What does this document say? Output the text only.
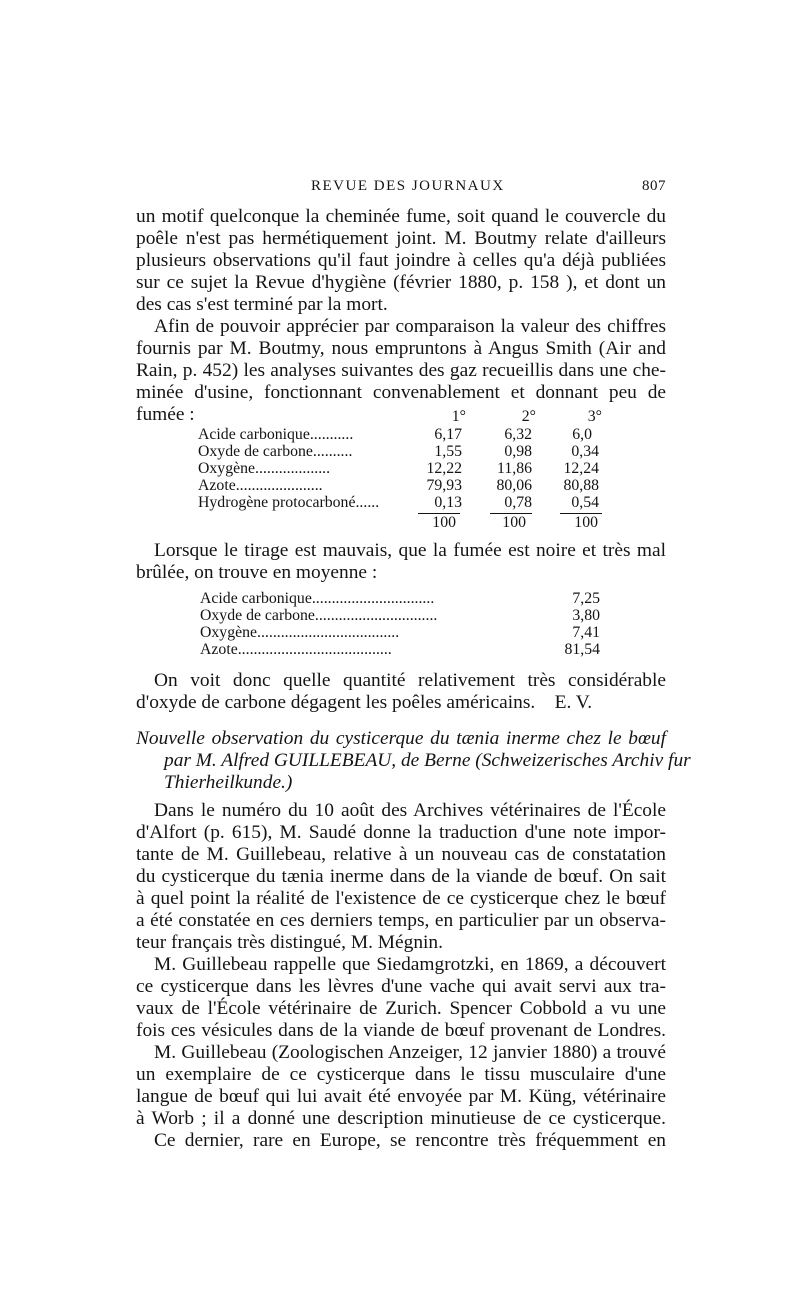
REVUE DES JOURNAUX	807
un motif quelconque la cheminée fume, soit quand le couvercle du
poêle n'est pas hermétiquement joint. M. Boutmy relate d'ailleurs
plusieurs observations qu'il faut joindre à celles qu'a déjà publiées
sur ce sujet la Revue d'hygiène (février 1880, p. 158 ), et dont un
des cas s'est terminé par la mort.
Afin de pouvoir apprécier par comparaison la valeur des chiffres
fournis par M. Boutmy, nous empruntons à Angus Smith (Air and
Rain, p. 452) les analyses suivantes des gaz recueillis dans une che-
minée d'usine, fonctionnant convenablement et donnant peu de
fumée :	1°	2°	3°
Acide carbonique...........	6,17	6,32	6,0
Oxyde de carbone..........	1,55	0,98	0,34
Oxygène...................	12,22	11,86	12,24
Azote......................	79,93	80,06	80,88
Hydrogène protocarboné......	0,13	0,78	0,54
100	100	100
Lorsque le tirage est mauvais, que la fumée est noire et très mal
brûlée, on trouve en moyenne :
Acide carbonique...............................	7,25
Oxyde de carbone...............................	3,80
Oxygène....................................	7,41
Azote.......................................	81,54
On voit donc quelle quantité relativement très considérable
d'oxyde de carbone dégagent les poêles américains.    E. V.
Nouvelle observation du cysticerque du tænia inerme chez le bœuf
par M. Alfred GUILLEBEAU, de Berne (Schweizerisches Archiv fur
Thierheilkunde.)
Dans le numéro du 10 août des Archives vétérinaires de l'École
d'Alfort (p. 615), M. Saudé donne la traduction d'une note impor-
tante de M. Guillebeau, relative à un nouveau cas de constatation
du cysticerque du tænia inerme dans de la viande de bœuf. On sait
à quel point la réalité de l'existence de ce cysticerque chez le bœuf
a été constatée en ces derniers temps, en particulier par un observa-
teur français très distingué, M. Mégnin.
M. Guillebeau rappelle que Siedamgrotzki, en 1869, a découvert
ce cysticerque dans les lèvres d'une vache qui avait servi aux tra-
vaux de l'École vétérinaire de Zurich. Spencer Cobbold a vu une
fois ces vésicules dans de la viande de bœuf provenant de Londres.
M. Guillebeau (Zoologischen Anzeiger, 12 janvier 1880) a trouvé
un exemplaire de ce cysticerque dans le tissu musculaire d'une
langue de bœuf qui lui avait été envoyée par M. Küng, vétérinaire
à Worb ; il a donné une description minutieuse de ce cysticerque.
Ce dernier, rare en Europe, se rencontre très fréquemment en
